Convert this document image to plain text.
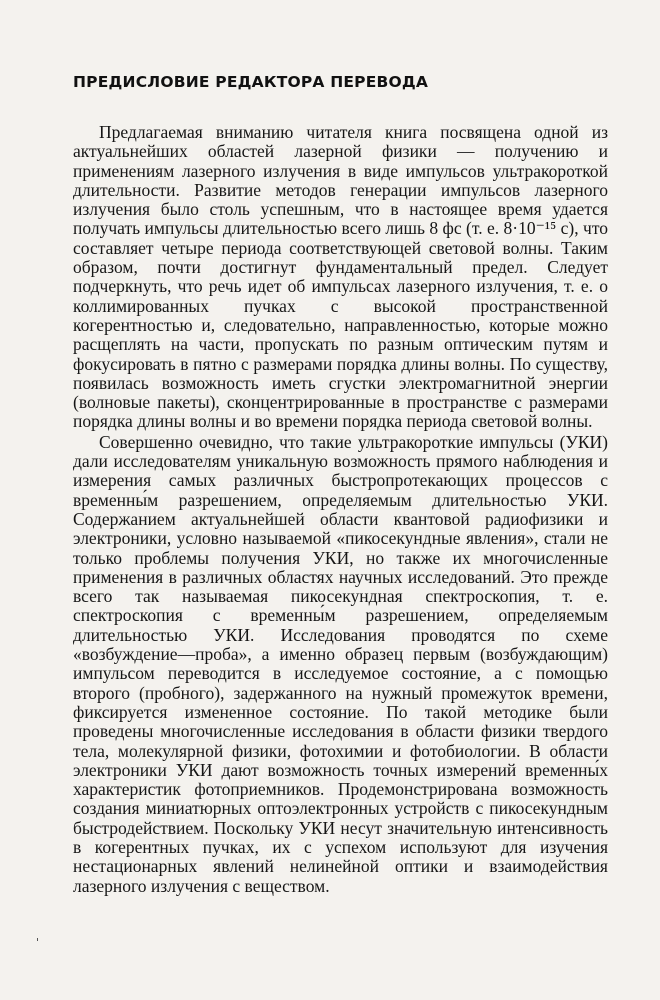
ПРЕДИСЛОВИЕ РЕДАКТОРА ПЕРЕВОДА

Предлагаемая вниманию читателя книга посвящена одной из актуальнейших областей лазерной физики — получению и применениям лазерного излучения в виде импульсов ультракороткой длительности. Развитие методов генерации импульсов лазерного излучения было столь успешным, что в настоящее время удается получать импульсы длительностью всего лишь 8 фс (т. е. 8·10⁻¹⁵ с), что составляет четыре периода соответствующей световой волны. Таким образом, почти достигнут фундаментальный предел. Следует подчеркнуть, что речь идет об импульсах лазерного излучения, т. е. о коллимированных пучках с высокой пространственной когерентностью и, следовательно, направленностью, которые можно расщеплять на части, пропускать по разным оптическим путям и фокусировать в пятно с размерами порядка длины волны. По существу, появилась возможность иметь сгустки электромагнитной энергии (волновые пакеты), сконцентрированные в пространстве с размерами порядка длины волны и во времени порядка периода световой волны.

Совершенно очевидно, что такие ультракороткие импульсы (УКИ) дали исследователям уникальную возможность прямого наблюдения и измерения самых различных быстропротекающих процессов с временны́м разрешением, определяемым длительностью УКИ. Содержанием актуальнейшей области квантовой радиофизики и электроники, условно называемой «пикосекундные явления», стали не только проблемы получения УКИ, но также их многочисленные применения в различных областях научных исследований. Это прежде всего так называемая пикосекундная спектроскопия, т. е. спектроскопия с временны́м разрешением, определяемым длительностью УКИ. Исследования проводятся по схеме «возбуждение—проба», а именно образец первым (возбуждающим) импульсом переводится в исследуемое состояние, а с помощью второго (пробного), задержанного на нужный промежуток времени, фиксируется измененное состояние. По такой методике были проведены многочисленные исследования в области физики твердого тела, молекулярной физики, фотохимии и фотобиологии. В области электроники УКИ дают возможность точных измерений временны́х характеристик фотоприемников. Продемонстрирована возможность создания миниатюрных оптоэлектронных устройств с пикосекундным быстродействием. Поскольку УКИ несут значительную интенсивность в когерентных пучках, их с успехом используют для изучения нестационарных явлений нелинейной оптики и взаимодействия лазерного излучения с веществом.
